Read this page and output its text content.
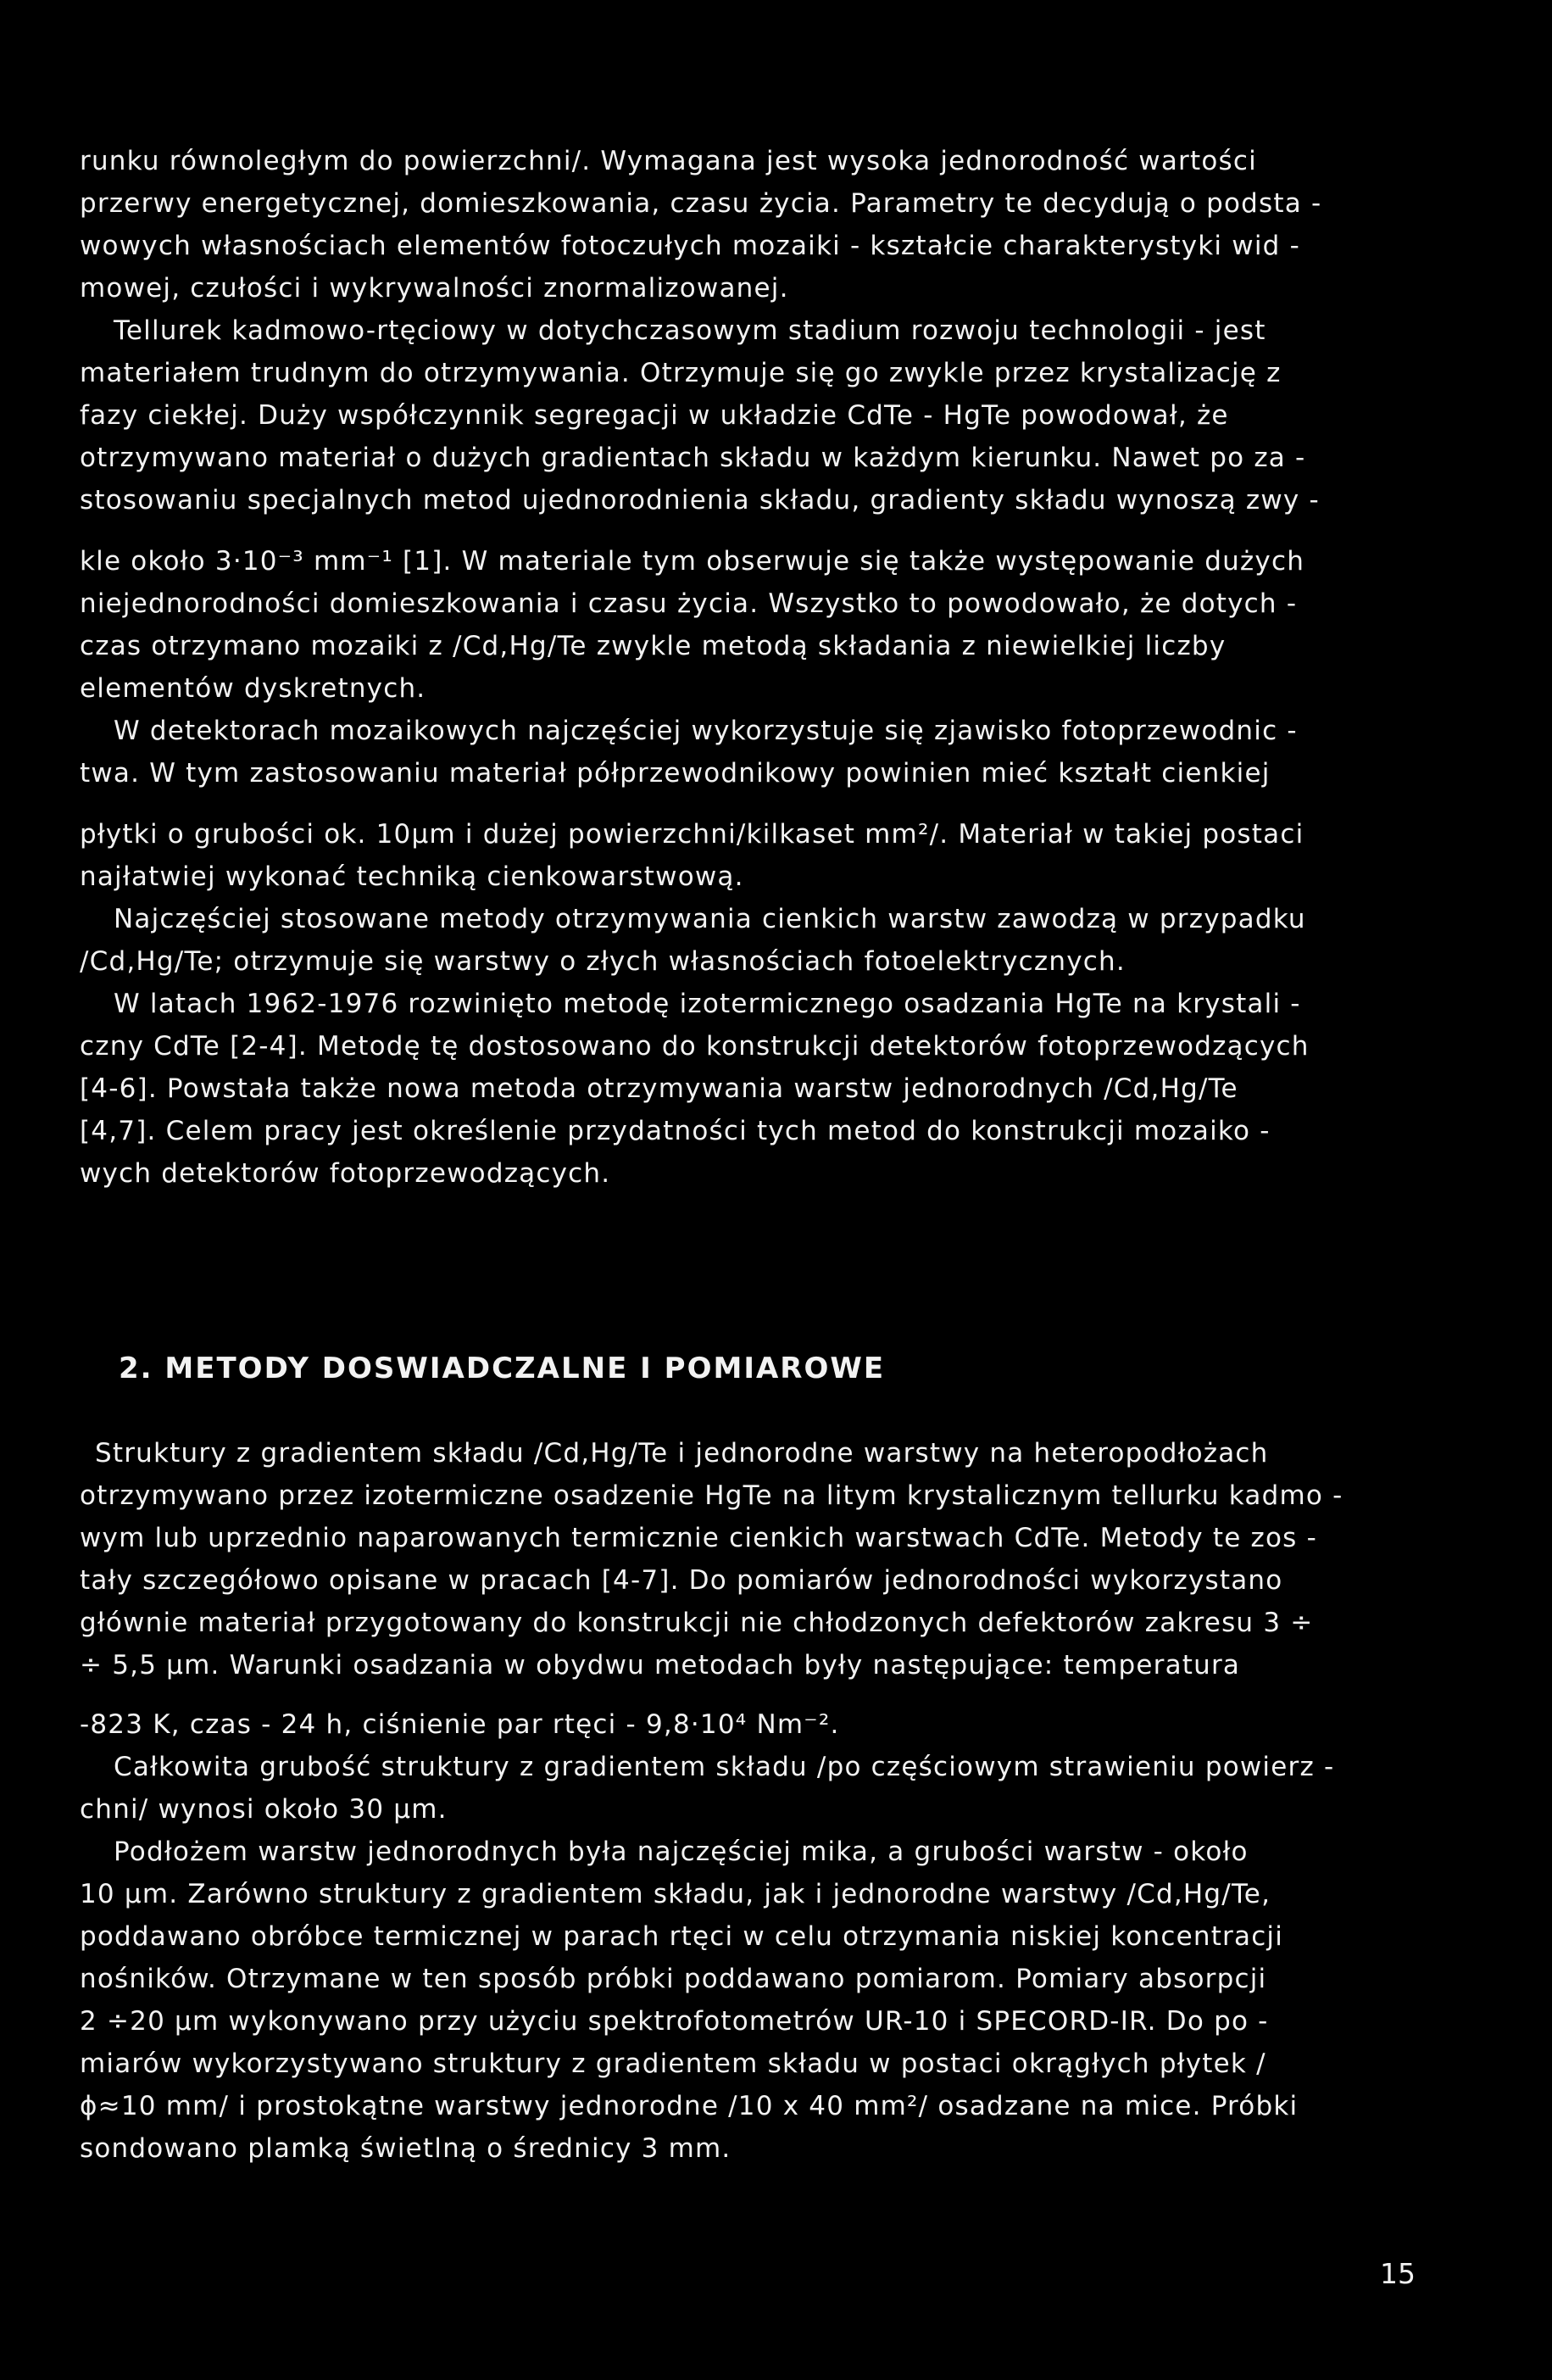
runku równoległym do powierzchni/. Wymagana jest wysoka jednorodność wartości

przerwy energetycznej, domieszkowania, czasu życia. Parametry te decydują o podsta -

wowych własnościach elementów fotoczułych mozaiki - kształcie charakterystyki wid -

mowej, czułości i wykrywalności znormalizowanej.

Tellurek kadmowo-rtęciowy w dotychczasowym stadium rozwoju technologii - jest

materiałem trudnym do otrzymywania. Otrzymuje się go zwykle przez krystalizację z

fazy ciekłej. Duży współczynnik segregacji w układzie CdTe - HgTe powodował, że

otrzymywano materiał o dużych gradientach składu w każdym kierunku. Nawet po za -

stosowaniu specjalnych metod ujednorodnienia składu, gradienty składu wynoszą zwy -

kle około 3·10⁻³ mm⁻¹ [1]. W materiale tym obserwuje się także występowanie dużych

niejednorodności domieszkowania i czasu życia. Wszystko to powodowało, że dotych -

czas otrzymano mozaiki z /Cd,Hg/Te zwykle metodą składania z niewielkiej liczby

elementów dyskretnych.

W detektorach mozaikowych najczęściej wykorzystuje się zjawisko fotoprzewodnic -

twa. W tym zastosowaniu materiał półprzewodnikowy powinien mieć kształt cienkiej

płytki o grubości ok. 10μm i dużej powierzchni/kilkaset mm²/. Materiał w takiej postaci

najłatwiej wykonać techniką cienkowarstwową.

Najczęściej stosowane metody otrzymywania cienkich warstw zawodzą w przypadku

/Cd,Hg/Te; otrzymuje się warstwy o złych własnościach fotoelektrycznych.

W latach 1962-1976 rozwinięto metodę izotermicznego osadzania HgTe na krystali -

czny CdTe [2-4]. Metodę tę dostosowano do konstrukcji detektorów fotoprzewodzących

[4-6]. Powstała także nowa metoda otrzymywania warstw jednorodnych /Cd,Hg/Te

[4,7]. Celem pracy jest określenie przydatności tych metod do konstrukcji mozaiko -

wych detektorów fotoprzewodzących.

2. METODY DOSWIADCZALNE I POMIAROWE

Struktury z gradientem składu /Cd,Hg/Te i jednorodne warstwy na heteropodłożach

otrzymywano przez izotermiczne osadzenie HgTe na litym krystalicznym tellurku kadmo -

wym lub uprzednio naparowanych termicznie cienkich warstwach CdTe. Metody te zos -

tały szczegółowo opisane w pracach [4-7]. Do pomiarów jednorodności wykorzystano

głównie materiał przygotowany do konstrukcji nie chłodzonych defektorów zakresu 3 ÷

÷ 5,5 μm. Warunki osadzania w obydwu metodach były następujące: temperatura

-823 K, czas - 24 h, ciśnienie par rtęci - 9,8·10⁴ Nm⁻².

Całkowita grubość struktury z gradientem składu /po częściowym strawieniu powierz -

chni/ wynosi około 30 μm.

Podłożem warstw jednorodnych była najczęściej mika, a grubości warstw - około

10 μm. Zarówno struktury z gradientem składu, jak i jednorodne warstwy /Cd,Hg/Te,

poddawano obróbce termicznej w parach rtęci w celu otrzymania niskiej koncentracji

nośników. Otrzymane w ten sposób próbki poddawano pomiarom. Pomiary absorpcji

2 ÷20 μm wykonywano przy użyciu spektrofotometrów UR-10 i SPECORD-IR. Do po -

miarów wykorzystywano struktury z gradientem składu w postaci okrągłych płytek /

ϕ≈10 mm/ i prostokątne warstwy jednorodne /10 x 40 mm²/ osadzane na mice. Próbki

sondowano plamką świetlną o średnicy 3 mm.

15
